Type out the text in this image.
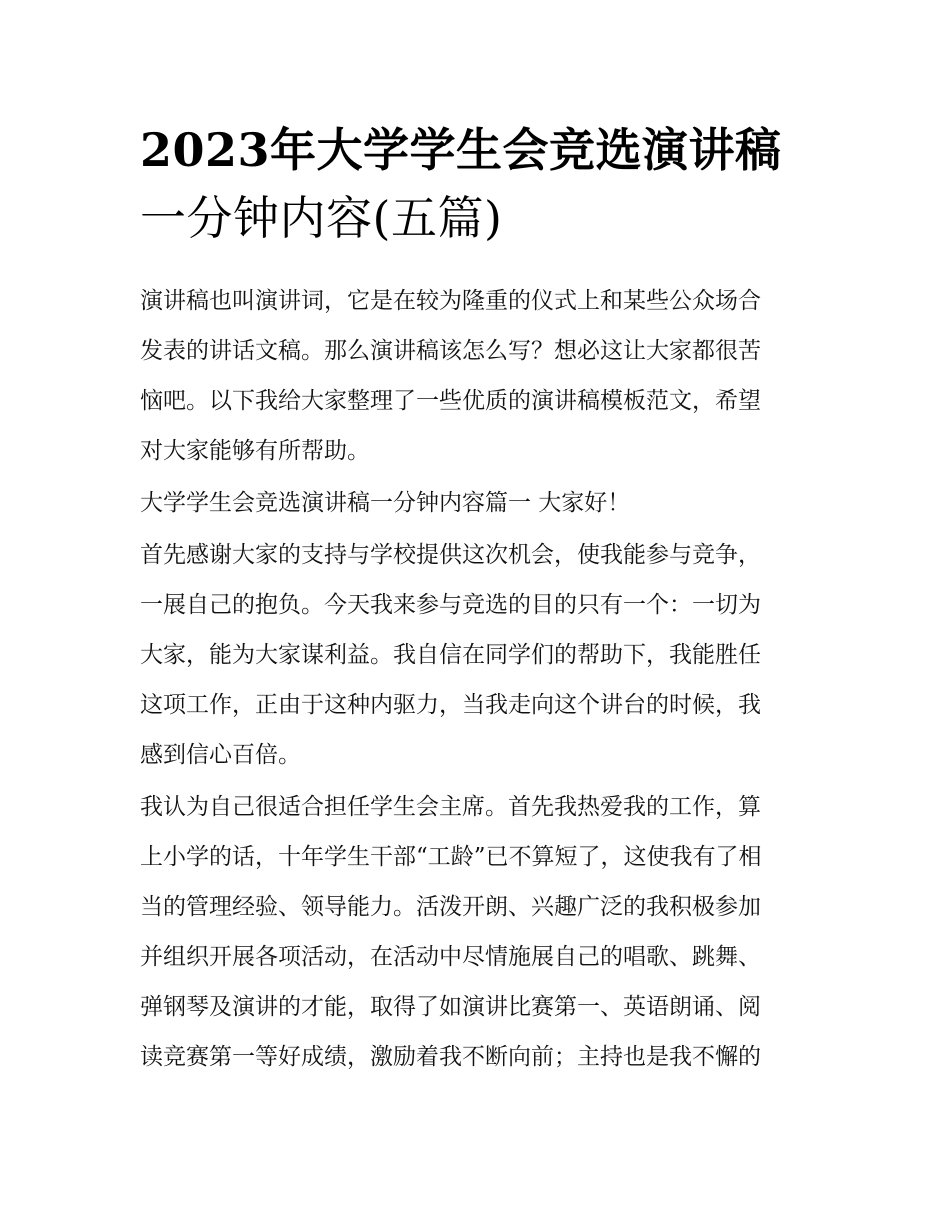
2023年大学学生会竞选演讲稿
一分钟内容(五篇)

演讲稿也叫演讲词，它是在较为隆重的仪式上和某些公众场合
发表的讲话文稿。那么演讲稿该怎么写？想必这让大家都很苦
恼吧。以下我给大家整理了一些优质的演讲稿模板范文，希望
对大家能够有所帮助。

大学学生会竞选演讲稿一分钟内容篇一 大家好！

首先感谢大家的支持与学校提供这次机会，使我能参与竞争，
一展自己的抱负。今天我来参与竞选的目的只有一个：一切为
大家，能为大家谋利益。我自信在同学们的帮助下，我能胜任
这项工作，正由于这种内驱力，当我走向这个讲台的时候，我
感到信心百倍。

我认为自己很适合担任学生会主席。首先我热爱我的工作，算
上小学的话，十年学生干部“工龄”已不算短了，这使我有了相
当的管理经验、领导能力。活泼开朗、兴趣广泛的我积极参加
并组织开展各项活动，在活动中尽情施展自己的唱歌、跳舞、
弹钢琴及演讲的才能，取得了如演讲比赛第一、英语朗诵、阅
读竞赛第一等好成绩，激励着我不断向前；主持也是我不懈的
